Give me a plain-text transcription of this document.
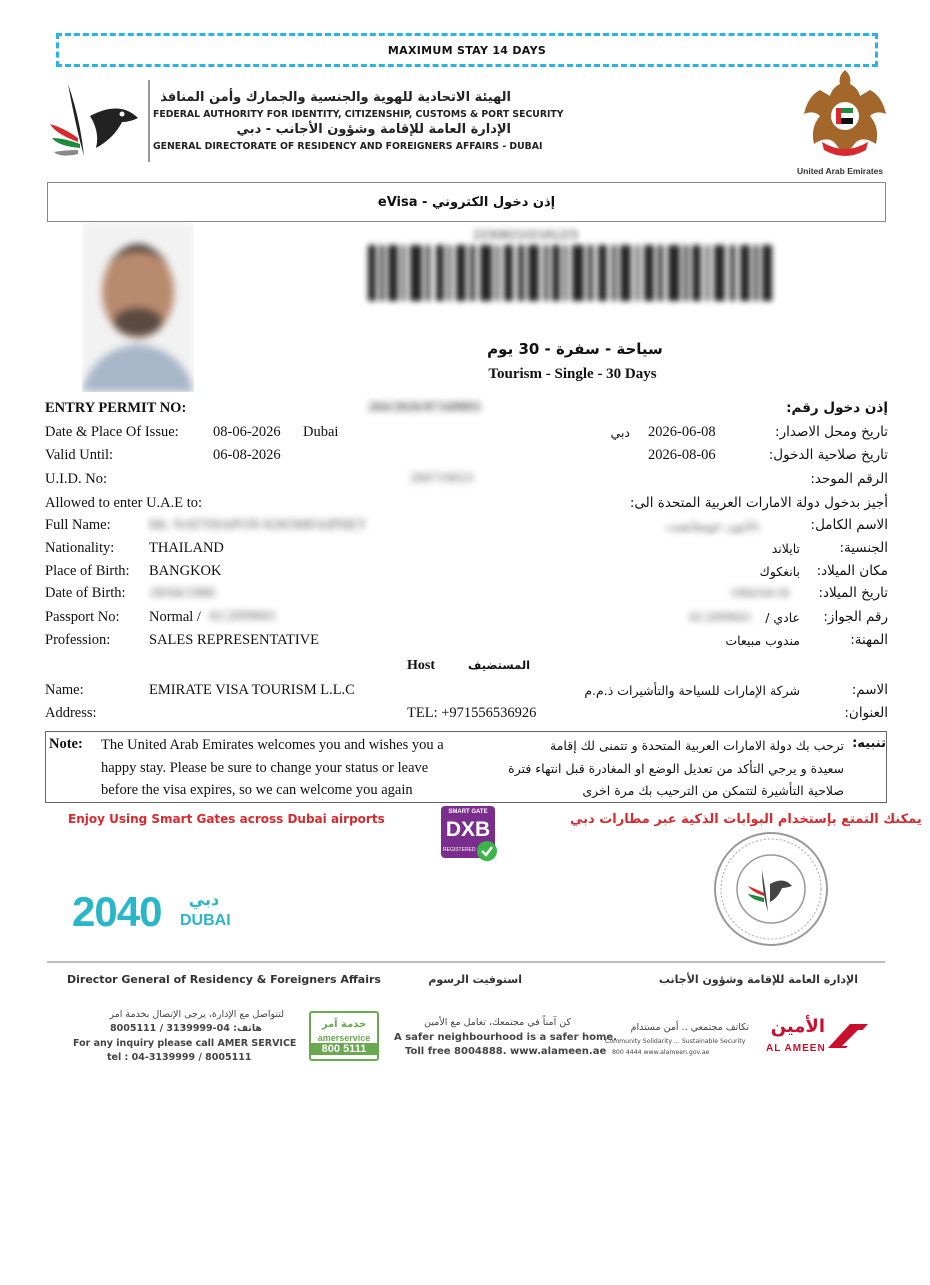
MAXIMUM STAY 14 DAYS
الهيئة الاتحادية للهوية والجنسية والجمارك وأمن المنافذ
FEDERAL AUTHORITY FOR IDENTITY, CITIZENSHIP, CUSTOMS & PORT SECURITY
الإدارة العامة للإقامة وشؤون الأجانب - دبي
GENERAL DIRECTORATE OF RESIDENCY AND FOREIGNERS AFFAIRS - DUBAI
United Arab Emirates
إذن دخول الكتروني - eVisa
2230821021812/3
سياحة - سفرة - 30 يوم
Tourism - Single - 30 Days
ENTRY PERMIT NO:	204/2026/87349893	إذن دخول رقم:
Date & Place Of Issue: 08-06-2026 Dubai	دبي 2026-06-08	تاريخ ومحل الاصدار:
Valid Until:	06-08-2026	2026-08-06	تاريخ صلاحية الدخول:
U.I.D. No:	260719023	الرقم الموحد:
Allowed to enter U.A.E to:	أجيز بدخول دولة الامارات العربية المتحدة الى:
Full Name:	Mr. NATTHAPON KHOMFAIPHET	ناثابون خومفايفيت	الاسم الكامل:
Nationality: THAILAND	تايلاند	الجنسية:
Place of Birth: BANGKOK	بانغكوك مكان الميلاد:
Date of Birth: 18/04/1966	1966/04/18 تاريخ الميلاد:
Passport No: Normal / AC2099601	AC2099601	عادي / رقم الجواز:
Profession:	SALES REPRESENTATIVE	مندوب مبيعات	المهنة:
Host	المستضيف
Name:	EMIRATE VISA TOURISM L.L.C	شركة الإمارات للسياحة والتأشيرات ذ.م.م	الاسم:
Address:	TEL: +971556536926	العنوان:
Note: The United Arab Emirates welcomes you and wishes you a
happy stay. Please be sure to change your status or leave
before the visa expires, so we can welcome you again
تنبيه:
ترحب بك دولة الامارات العربية المتحدة و تتمنى لك إقامة
سعيدة و يرجي التأكد من تعديل الوضع او المغادرة قبل انتهاء فترة
صلاحية التأشيرة لتتمكن من الترحيب بك مرة اخرى
Enjoy Using Smart Gates across Dubai airports	يمكنك التمتع بإستخدام البوابات الذكية عبر مطارات دبي
SMART GATE
DXB
REGISTERED
2040	دبي
DUBAI
Director General of Residency & Foreigners Affairs	استوفيت الرسوم	الإدارة العامة للإقامة وشؤون الأجانب
لتتواصل مع الإدارة، يرجى الإتصال بخدمة امر
هاتف: 04-3139999 / 8005111
For any inquiry please call AMER SERVICE
tel : 04-3139999 / 8005111
خدمة آمر
amerservice
800 5111
كن آمناً في مجتمعك، تعامل مع الأمين
A safer neighbourhood is a safer home.
Toll free 8004888. www.alameen.ae
تكاتف مجتمعي .. أمن مستدام
Community Solidarity ... Sustainable Security
800 4444 www.alameen.gov.ae
الأمين
AL AMEEN
